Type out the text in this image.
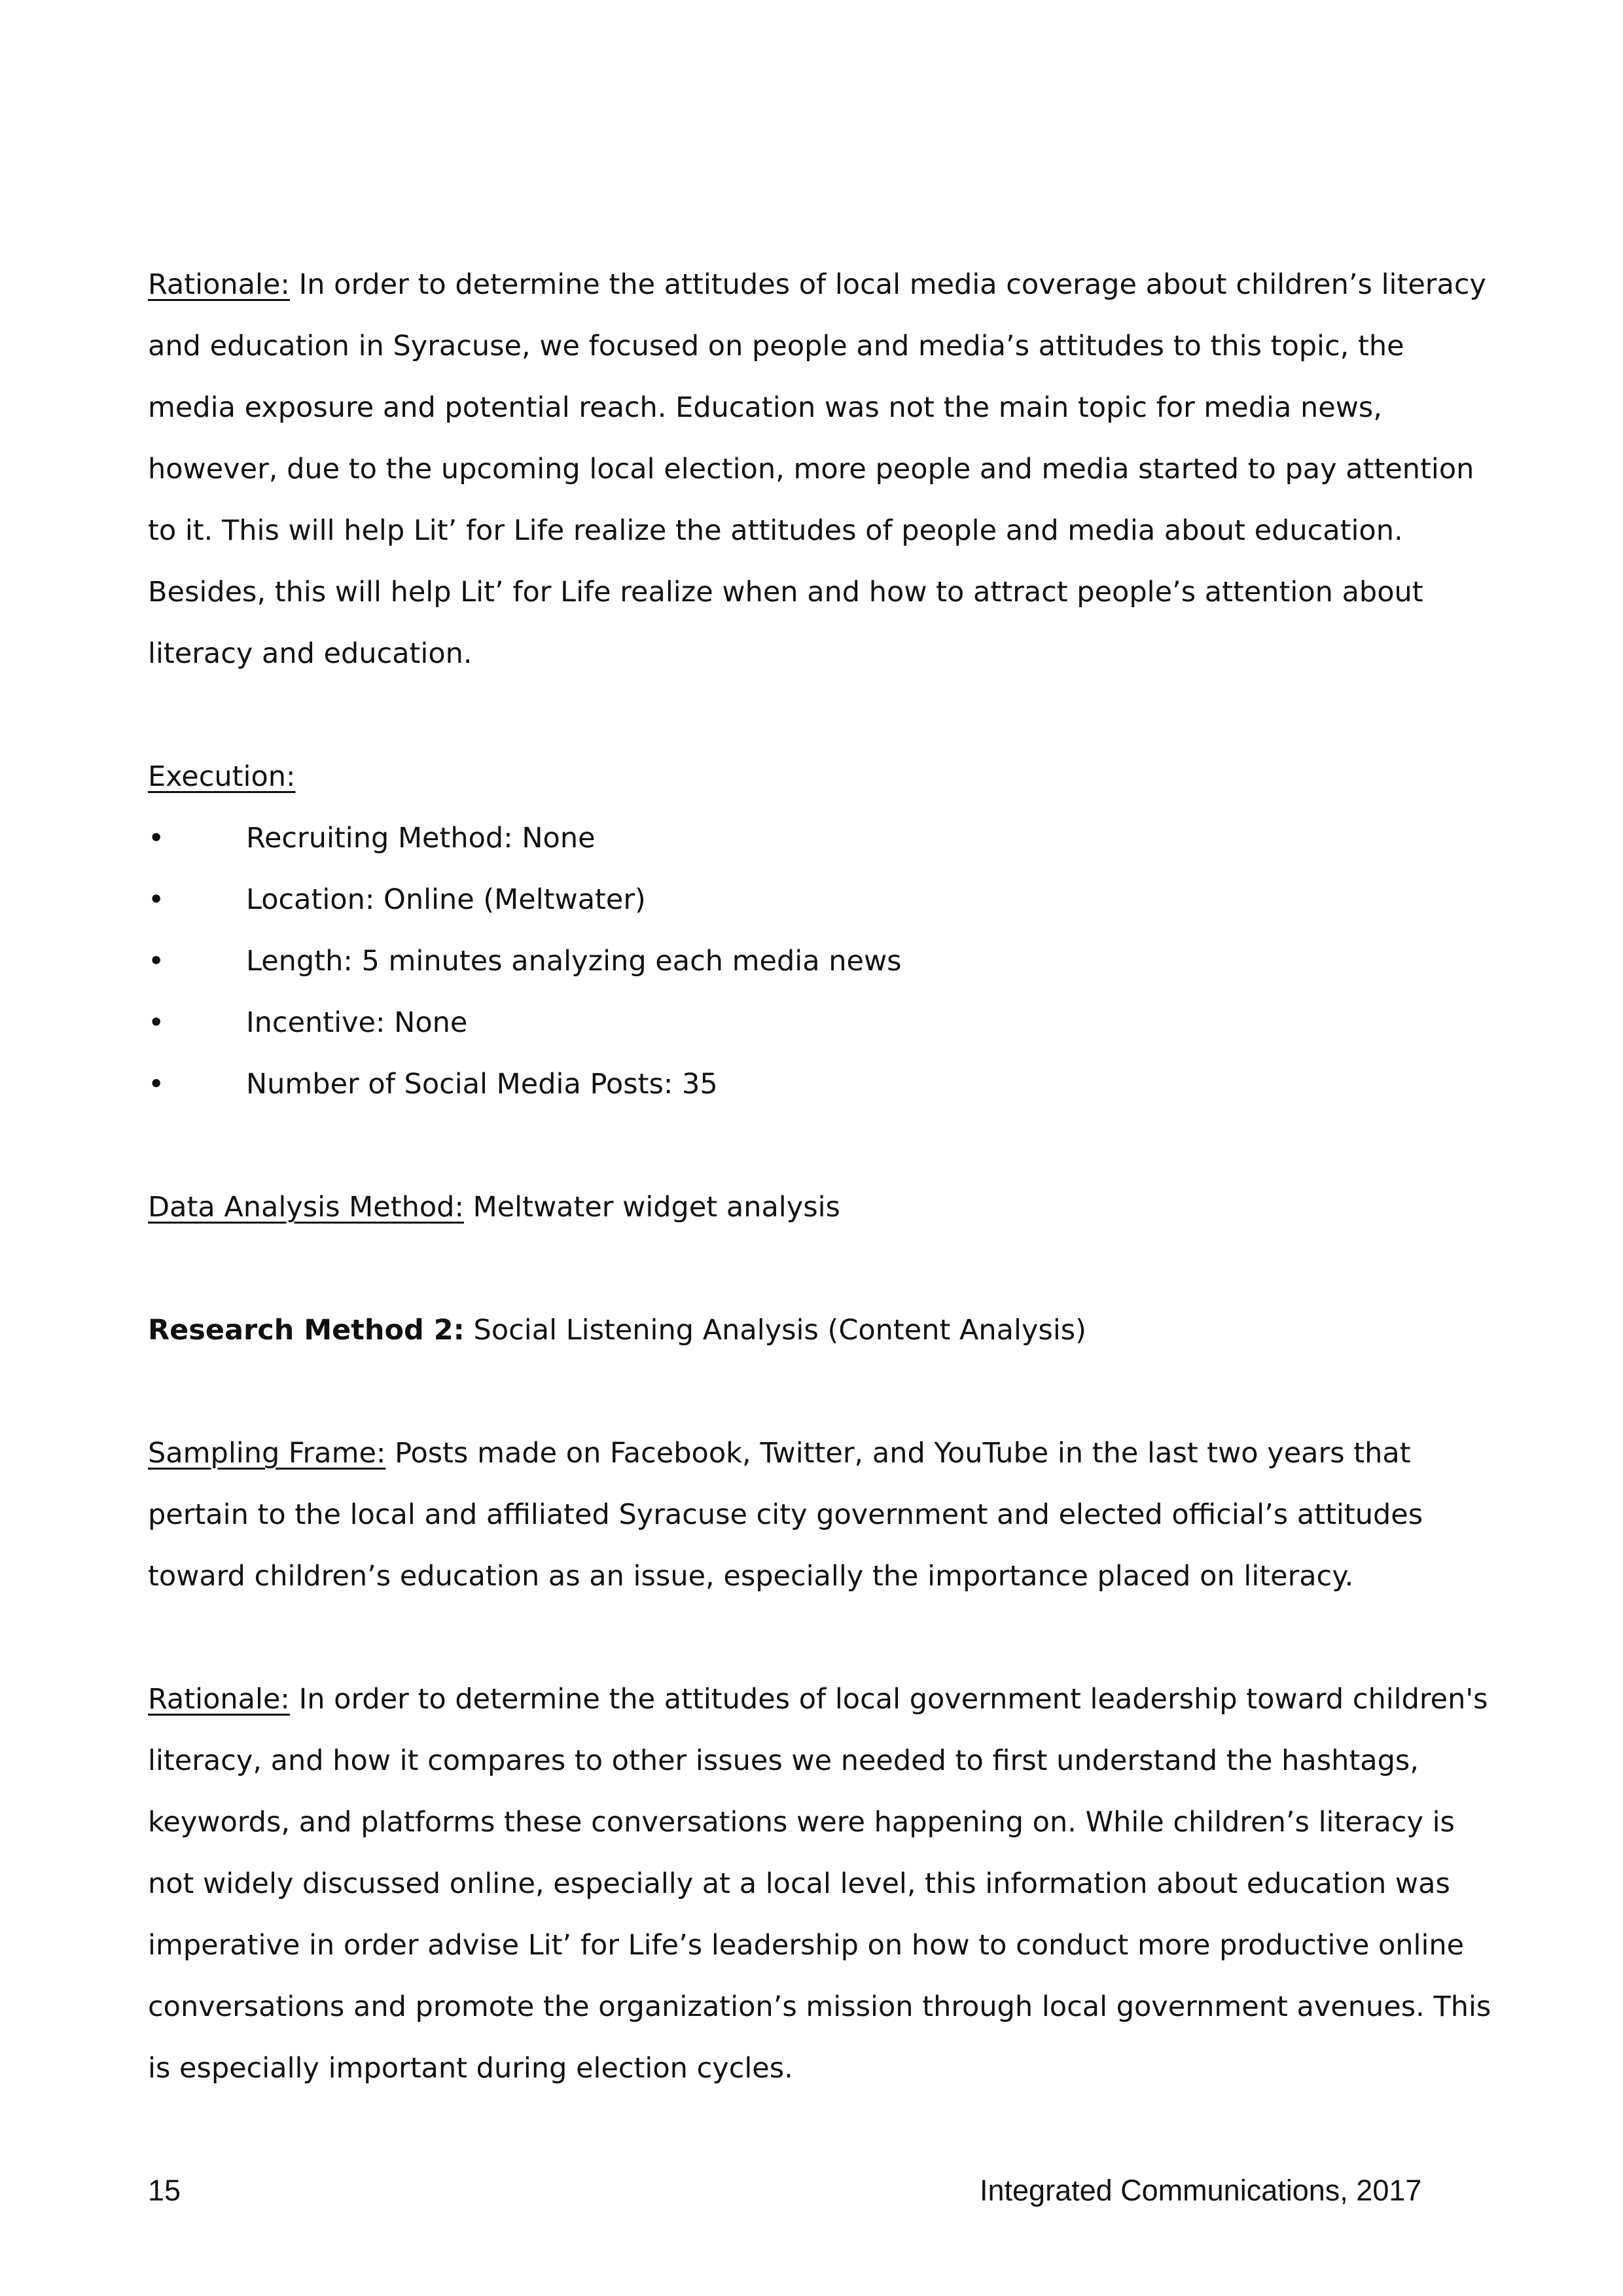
Rationale: In order to determine the attitudes of local media coverage about children’s literacy and education in Syracuse, we focused on people and media’s attitudes to this topic, the media exposure and potential reach. Education was not the main topic for media news, however, due to the upcoming local election, more people and media started to pay attention to it. This will help Lit’ for Life realize the attitudes of people and media about education. Besides, this will help Lit’ for Life realize when and how to attract people’s attention about literacy and education.

Execution:

•	Recruiting Method: None
•	Location: Online (Meltwater)
•	Length: 5 minutes analyzing each media news
•	Incentive: None
•	Number of Social Media Posts: 35

Data Analysis Method: Meltwater widget analysis

Research Method 2: Social Listening Analysis (Content Analysis)

Sampling Frame: Posts made on Facebook, Twitter, and YouTube in the last two years that pertain to the local and affiliated Syracuse city government and elected official’s attitudes toward children’s education as an issue, especially the importance placed on literacy.

Rationale: In order to determine the attitudes of local government leadership toward children's literacy, and how it compares to other issues we needed to first understand the hashtags, keywords, and platforms these conversations were happening on. While children’s literacy is not widely discussed online, especially at a local level, this information about education was imperative in order advise Lit’ for Life’s leadership on how to conduct more productive online conversations and promote the organization’s mission through local government avenues. This is especially important during election cycles.

15	Integrated Communications, 2017
